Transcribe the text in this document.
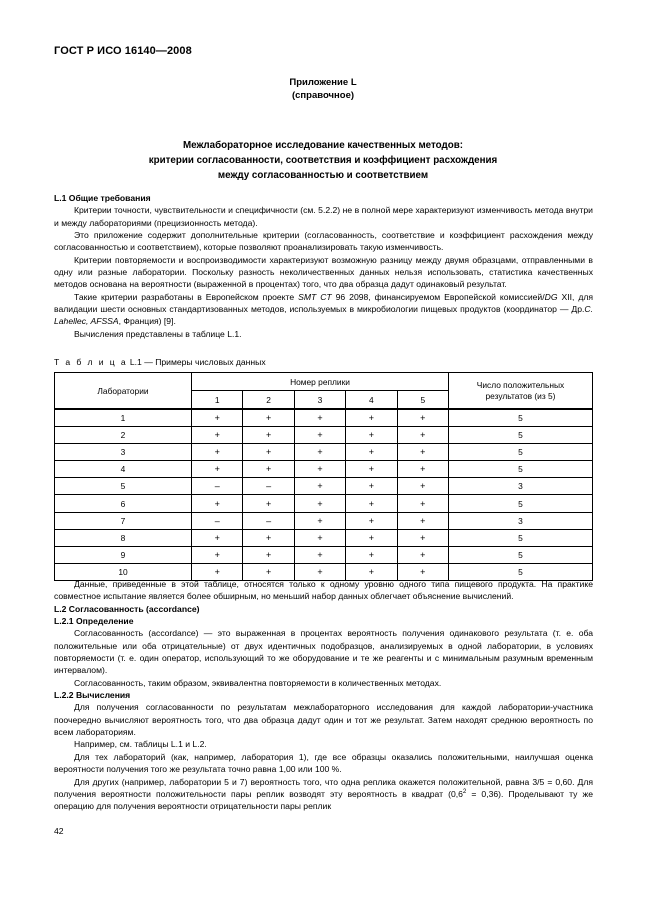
ГОСТ Р ИСО 16140—2008
Приложение L
(справочное)
Межлабораторное исследование качественных методов:
критерии согласованности, соответствия и коэффициент расхождения
между согласованностью и соответствием

L.1 Общие требования

Критерии точности, чувствительности и специфичности (см. 5.2.2) не в полной мере характеризуют изменчивость метода внутри и между лабораториями (прецизионность метода).

Это приложение содержит дополнительные критерии (согласованность, соответствие и коэффициент расхождения между согласованностью и соответствием), которые позволяют проанализировать такую изменчивость.

Критерии повторяемости и воспроизводимости характеризуют возможную разницу между двумя образцами, отправленными в одну или разные лаборатории. Поскольку разность неколичественных данных нельзя использовать, статистика качественных методов основана на вероятности (выраженной в процентах) того, что два образца дадут одинаковый результат.

Такие критерии разработаны в Европейском проекте SMT CT 96 2098, финансируемом Европейской комиссией/DG XII, для валидации шести основных стандартизованных методов, используемых в микробиологии пищевых продуктов (координатор — Др.C. Lahellec, AFSSA, Франция) [9].

Вычисления представлены в таблице L.1.

Т а б л и ц а L.1 — Примеры числовых данных
Лаборатории	Номер реплики					Число положительных
результатов (из 5)

	1	2	3	4	5	
1	+	+	+	+	+	5
2	+	+	+	+	+	5
3	+	+	+	+	+	5
4	+	+	+	+	+	5
5	–	–	+	+	+	3
6	+	+	+	+	+	5
7	–	–	+	+	+	3
8	+	+	+	+	+	5
9	+	+	+	+	+	5
10	+	+	+	+	+	5

Данные, приведенные в этой таблице, относятся только к одному уровню одного типа пищевого продукта. На практике совместное испытание является более обширным, но меньший набор данных облегчает объяснение вычислений.

L.2 Согласованность (accordance)

L.2.1 Определение

Согласованность (accordance) — это выраженная в процентах вероятность получения одинакового результата (т. е. оба положительные или оба отрицательные) от двух идентичных подобразцов, анализируемых в одной лаборатории, в условиях повторяемости (т. е. один оператор, использующий то же оборудование и те же реагенты и с минимальным разумным временным интервалом).

Согласованность, таким образом, эквивалентна повторяемости в количественных методах.

L.2.2 Вычисления

Для получения согласованности по результатам межлабораторного исследования для каждой лаборатории-участника поочередно вычисляют вероятность того, что два образца дадут один и тот же результат. Затем находят среднюю вероятность по всем лабораториям.

Например, см. таблицы L.1 и L.2.

Для тех лабораторий (как, например, лаборатория 1), где все образцы оказались положительными, наилучшая оценка вероятности получения того же результата точно равна 1,00 или 100 %.

Для других (например, лаборатории 5 и 7) вероятность того, что одна реплика окажется положительной, равна 3/5 = 0,60. Для получения вероятности положительности пары реплик возводят эту вероятность в квадрат $(0,6^2 = 0,36)$. Проделывают ту же операцию для получения вероятности отрицательности пары реплик

42
